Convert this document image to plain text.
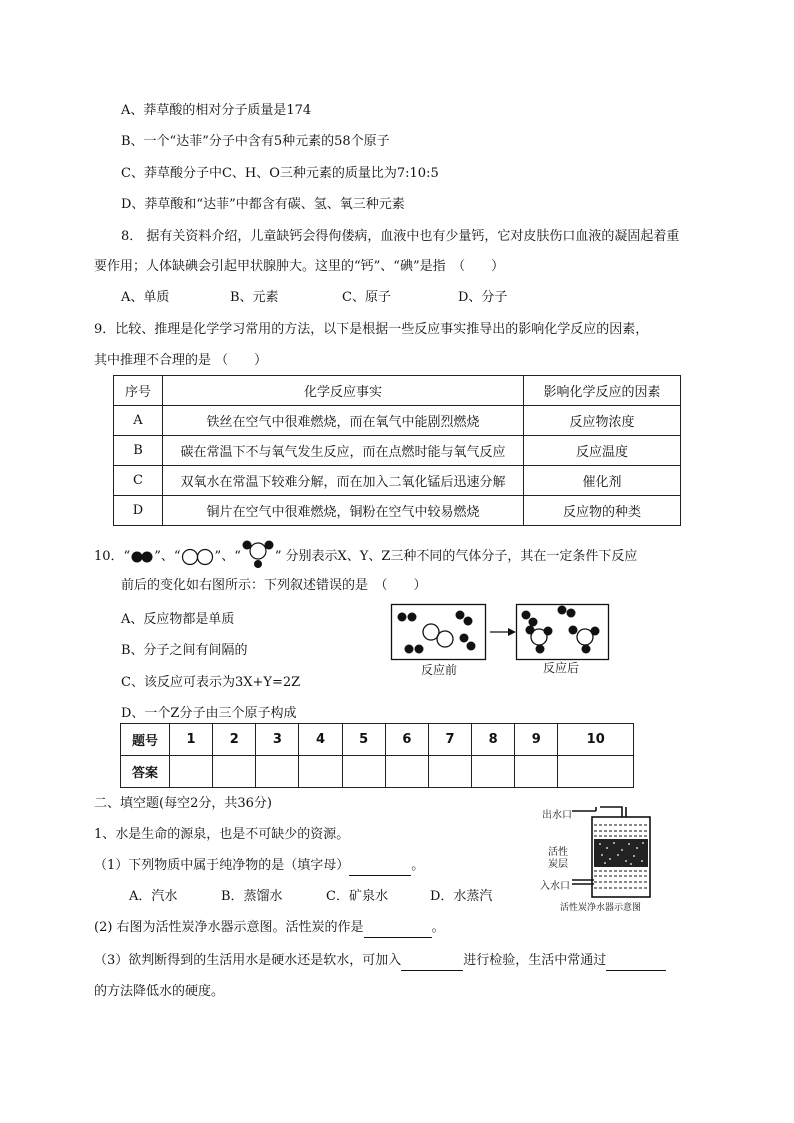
A、莽草酸的相对分子质量是174
B、一个“达菲”分子中含有5种元素的58个原子
C、莽草酸分子中C、H、O三种元素的质量比为7:10:5
D、莽草酸和“达菲”中都含有碳、氢、氧三种元素
8． 据有关资料介绍，儿童缺钙会得佝偻病，血液中也有少量钙，它对皮肤伤口血液的凝固起着重
要作用；人体缺碘会引起甲状腺肿大。这里的“钙”、“碘”是指　（　　）
A、单质	B、元素	C、原子	D、分子
9．比较、推理是化学学习常用的方法，以下是根据一些反应事实推导出的影响化学反应的因素，
其中推理不合理的是 （　　）
序号	化学反应事实	影响化学反应的因素
A	铁丝在空气中很难燃烧，而在氧气中能剧烈燃烧	反应物浓度
B	碳在常温下不与氧气发生反应，而在点燃时能与氧气反应	反应温度
C	双氧水在常温下较难分解，而在加入二氧化锰后迅速分解	催化剂
D	铜片在空气中很难燃烧，铜粉在空气中较易燃烧	反应物的种类
10． “ ” 、 “	” 、 “	” 分别表示X、Y、Z三种不同的气体分子，其在一定条件下反应
前后的变化如右图所示：下列叙述错误的是　（　　）
A、反应物都是单质
B、分子之间有间隔的
C、该反应可表示为3X+Y=2Z
D、一个Z分子由三个原子构成
反应前	反应后
题号	1	2	3	4	5	6	7	8	9	10
答案										
二、填空题(每空2分，共36分)
1、水是生命的源泉，也是不可缺少的资源。
（1）下列物质中属于纯净物的是（填字母）	。
A．汽水	B．蒸馏水	C．矿泉水	D．水蒸汽
(2) 右图为活性炭净水器示意图。活性炭的作是	。
（3）欲判断得到的生活用水是硬水还是软水，可加入	进行检验，生活中常通过
的方法降低水的硬度。
出水口
活性
炭层
入水口
活性炭净水器示意图
